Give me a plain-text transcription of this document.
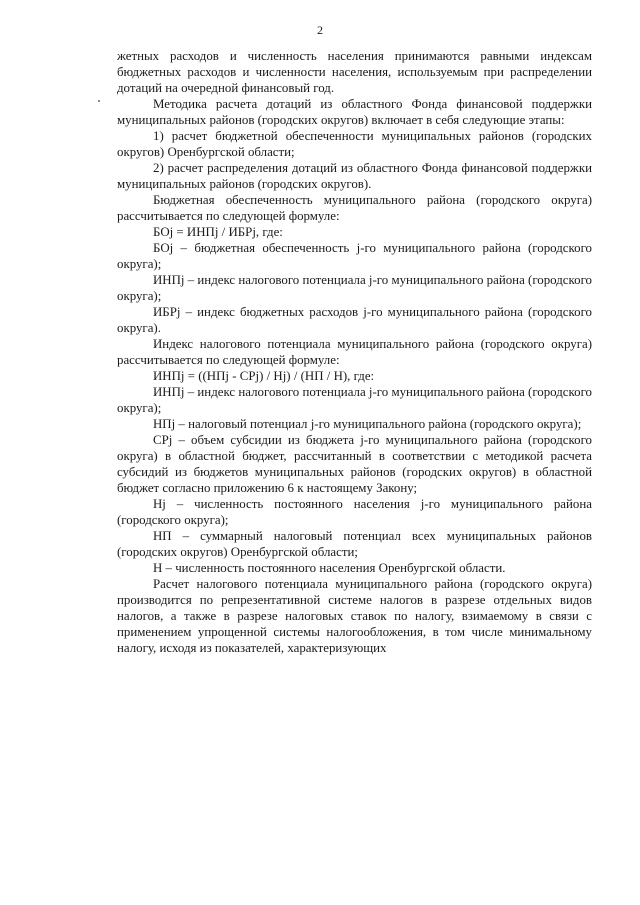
2

жетных расходов и численность населения принимаются равными индексам бюджетных расходов и численности населения, используемым при распределении дотаций на очередной финансовый год.

Методика расчета дотаций из областного Фонда финансовой поддержки муниципальных районов (городских округов) включает в себя следующие этапы:

1) расчет бюджетной обеспеченности муниципальных районов (городских округов) Оренбургской области;

2) расчет распределения дотаций из областного Фонда финансовой поддержки муниципальных районов (городских округов).

Бюджетная обеспеченность муниципального района (городского округа) рассчитывается по следующей формуле:

БОj = ИНПj / ИБРj, где:

БОj – бюджетная обеспеченность j-го муниципального района (городского округа);

ИНПj – индекс налогового потенциала j-го муниципального района (городского округа);

ИБРj – индекс бюджетных расходов j-го муниципального района (городского округа).

Индекс налогового потенциала муниципального района (городского округа) рассчитывается по следующей формуле:

ИНПj = ((НПj - СРj) / Нj) / (НП / Н), где:

ИНПj – индекс налогового потенциала j-го муниципального района (городского округа);

НПj – налоговый потенциал j-го муниципального района (городского округа);

СРj – объем субсидии из бюджета j-го муниципального района (городского округа) в областной бюджет, рассчитанный в соответствии с методикой расчета субсидий из бюджетов муниципальных районов (городских округов) в областной бюджет согласно приложению 6 к настоящему Закону;

Нj – численность постоянного населения j-го муниципального района (городского округа);

НП – суммарный налоговый потенциал всех муниципальных районов (городских округов) Оренбургской области;

Н – численность постоянного населения Оренбургской области.

Расчет налогового потенциала муниципального района (городского округа) производится по репрезентативной системе налогов в разрезе отдельных видов налогов, а также в разрезе налоговых ставок по налогу, взимаемому в связи с применением упрощенной системы налогообложения, в том числе минимальному налогу, исходя из показателей, характеризующих
